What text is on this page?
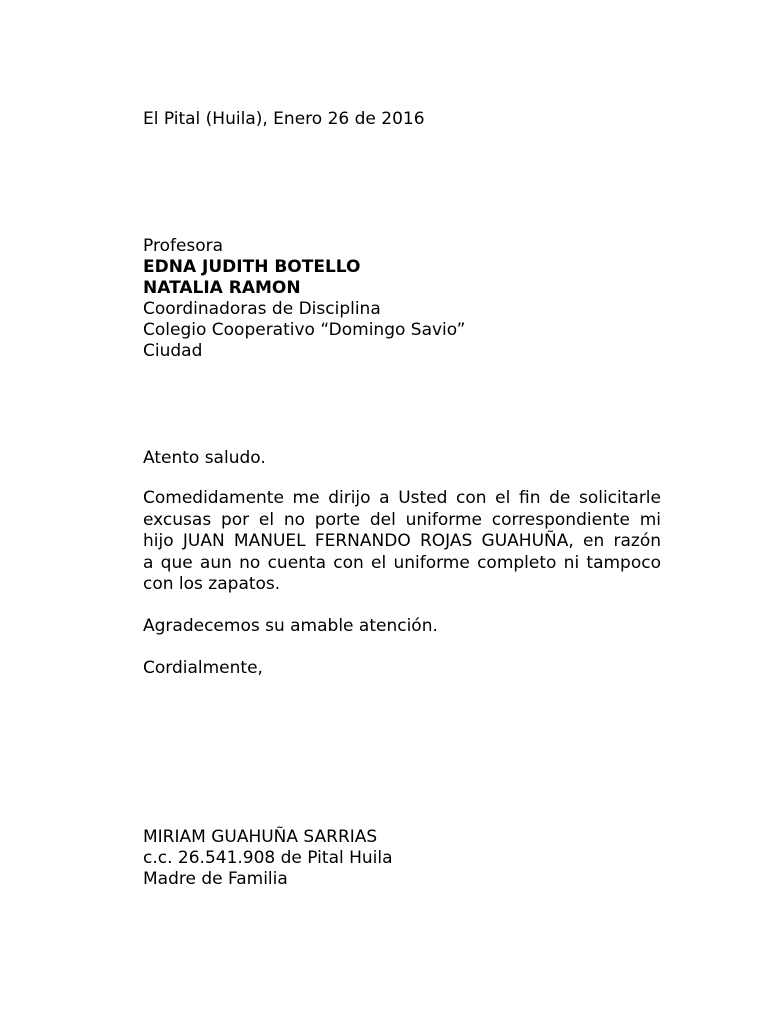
El Pital (Huila), Enero 26 de 2016
Profesora
EDNA JUDITH BOTELLO
NATALIA RAMON
Coordinadoras de Disciplina
Colegio Cooperativo “Domingo Savio”
Ciudad
Atento saludo.
Comedidamente me dirijo a Usted con el fin de solicitarle
excusas por el no porte del uniforme correspondiente mi
hijo JUAN MANUEL FERNANDO ROJAS GUAHUÑA, en razón
a que aun no cuenta con el uniforme completo ni tampoco
con los zapatos.
Agradecemos su amable atención.
Cordialmente,
MIRIAM GUAHUÑA SARRIAS
c.c. 26.541.908 de Pital Huila
Madre de Familia
